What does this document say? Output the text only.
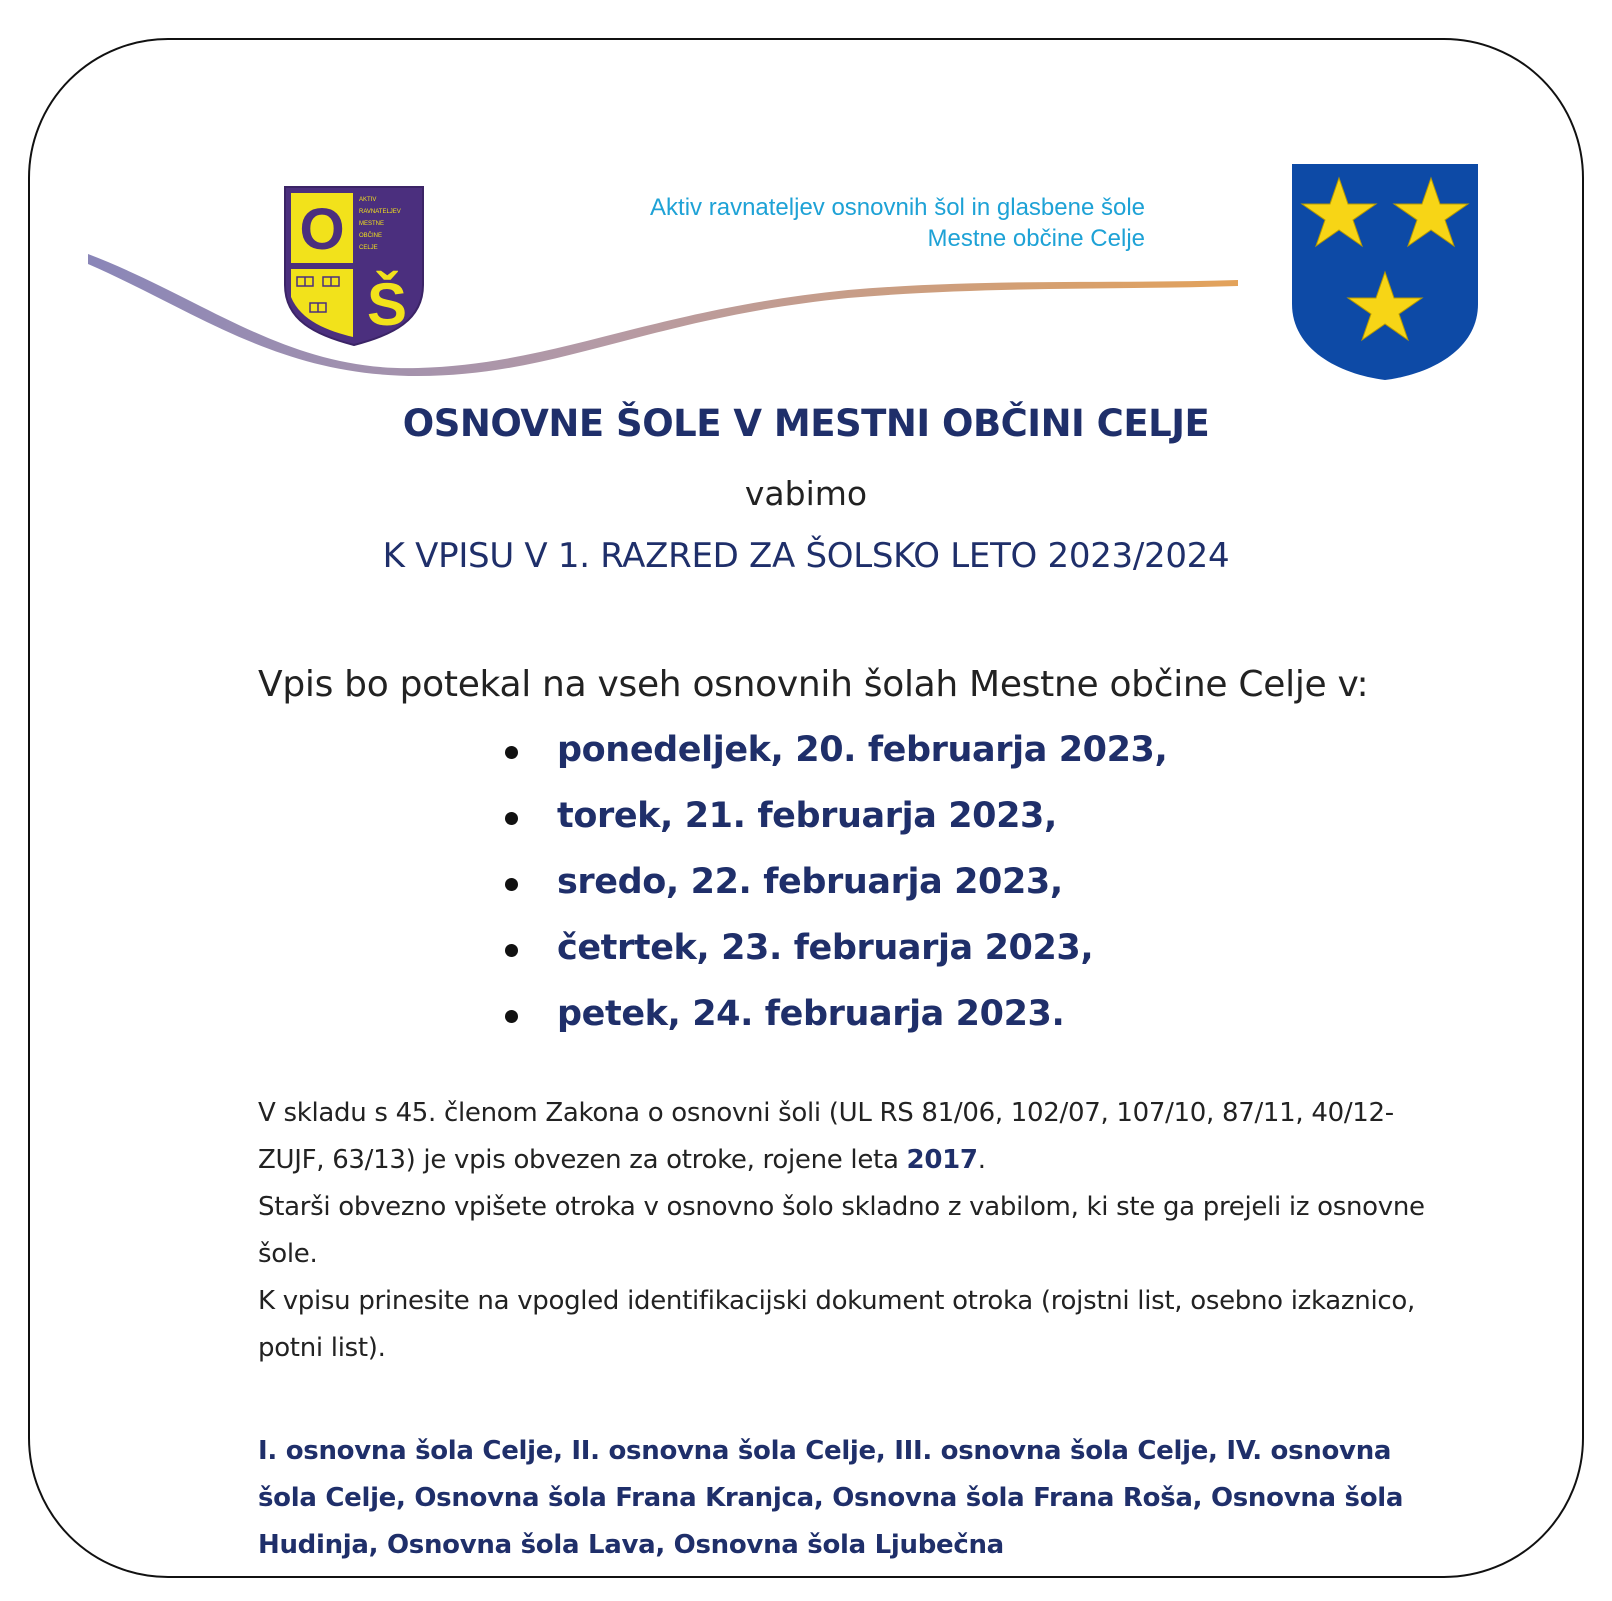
O
Š
AKTIV
RAVNATELJEV
MESTNE
OBČINE
CELJE
Aktiv ravnateljev osnovnih šol in glasbene šole
Mestne občine Celje
OSNOVNE ŠOLE V MESTNI OBČINI CELJE
vabimo
K VPISU V 1. RAZRED ZA ŠOLSKO LETO 2023/2024
Vpis bo potekal na vseh osnovnih šolah Mestne občine Celje v:
ponedeljek, 20. februarja 2023,
torek, 21. februarja 2023,
sredo, 22. februarja 2023,
četrtek, 23. februarja 2023,
petek, 24. februarja 2023.

V skladu s 45. členom Zakona o osnovni šoli (UL RS 81/06, 102/07, 107/10, 87/11, 40/12- ZUJF, 63/13) je vpis obvezen za otroke, rojene leta 2017.

Starši obvezno vpišete otroka v osnovno šolo skladno z vabilom, ki ste ga prejeli iz osnovne šole.

K vpisu prinesite na vpogled identifikacijski dokument otroka (rojstni list, osebno izkaznico, potni list).

I. osnovna šola Celje, II. osnovna šola Celje, III. osnovna šola Celje, IV. osnovna šola Celje, Osnovna šola Frana Kranjca, Osnovna šola Frana Roša, Osnovna šola Hudinja, Osnovna šola Lava, Osnovna šola Ljubečna
